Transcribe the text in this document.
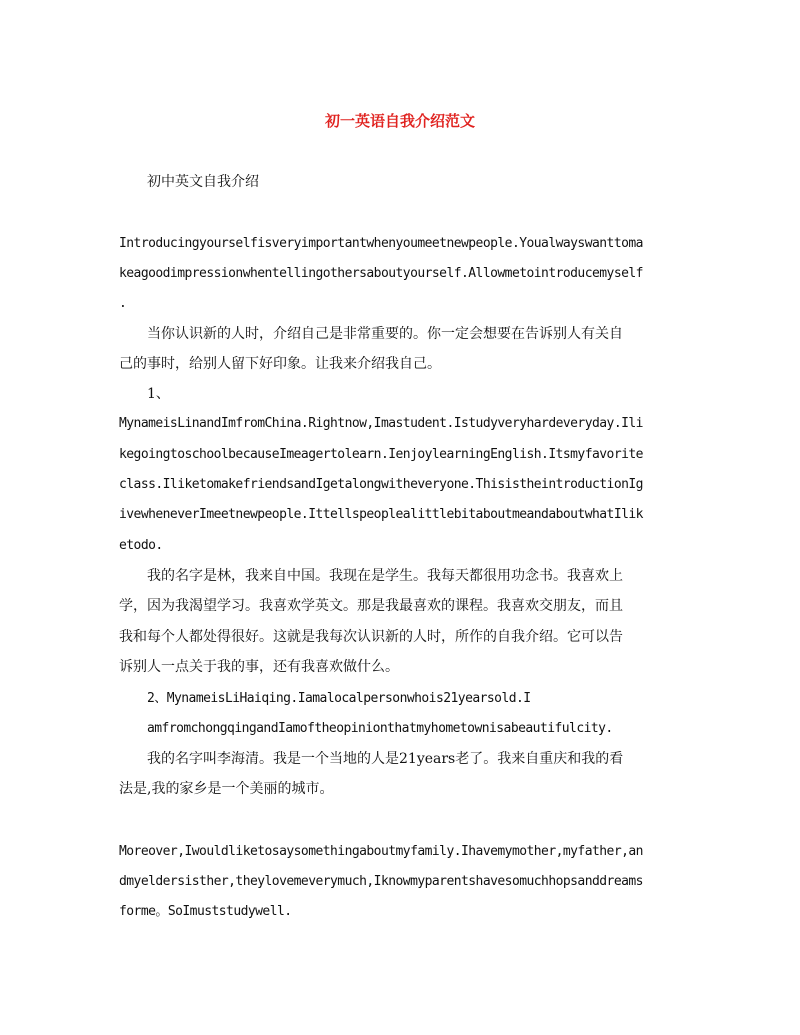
初一英语自我介绍范文
初中英文自我介绍
Introducingyourselfisveryimportantwhenyoumeetnewpeople.Youalwayswanttoma
keagoodimpressionwhentellingothersaboutyourself.Allowmetointroducemyself
.
当你认识新的人时，介绍自己是非常重要的。你一定会想要在告诉别人有关自
己的事时，给别人留下好印象。让我来介绍我自己。
1、
MynameisLinandImfromChina.Rightnow,Imastudent.Istudyveryhardeveryday.Ili
kegoingtoschoolbecauseImeagertolearn.IenjoylearningEnglish.Itsmyfavorite
class.IliketomakefriendsandIgetalongwitheveryone.ThisistheintroductionIg
ivewheneverImeetnewpeople.IttellspeoplealittlebitaboutmeandaboutwhatIlik
etodo.
我的名字是林，我来自中国。我现在是学生。我每天都很用功念书。我喜欢上
学，因为我渴望学习。我喜欢学英文。那是我最喜欢的课程。我喜欢交朋友，而且
我和每个人都处得很好。这就是我每次认识新的人时，所作的自我介绍。它可以告
诉别人一点关于我的事，还有我喜欢做什么。
2、MynameisLiHaiqing.Iamalocalpersonwhois21yearsold.I
amfromchongqingandIamoftheopinionthatmyhometownisabeautifulcity.
我的名字叫李海清。我是一个当地的人是21years老了。我来自重庆和我的看
法是,我的家乡是一个美丽的城市。
Moreover,Iwouldliketosaysomethingaboutmyfamily.Ihavemymother,myfather,an
dmyeldersisther,theylovemeverymuch,Iknowmyparentshavesomuchhopsanddreams
forme。SoImuststudywell.
